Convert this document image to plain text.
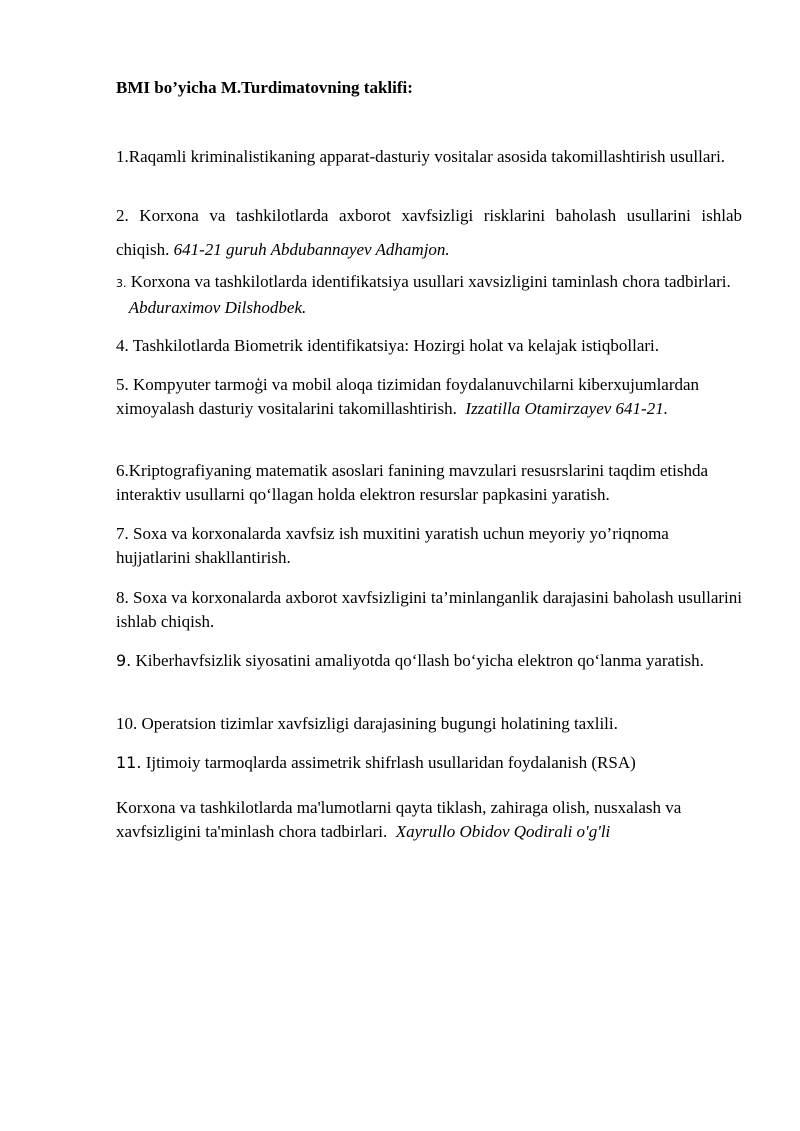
BMI bo’yicha M.Turdimatovning taklifi:
1.Raqamli kriminalistikaning apparat-dasturiy vositalar asosida takomillashtirish usullari.
2. Korxona va tashkilotlarda axborot xavfsizligi risklarini baholash usullarini ishlab chiqish. 641-21 guruh Abdubannayev Adhamjon.
3. Korxona va tashkilotlarda identifikatsiya usullari xavsizligini taminlash chora tadbirlari.    Abduraximov Dilshodbek.
4. Tashkilotlarda Biometrik identifikatsiya: Hozirgi holat va kelajak istiqbollari.
5. Kompyuter tarmoģi va mobil aloqa tizimidan foydalanuvchilarni kiberxujumlardan ximoyalash dasturiy vositalarini takomillashtirish. Izzatilla Otamirzayev 641-21.
6.Kriptografiyaning matematik asoslari fanining mavzulari resusrslarini taqdim etishda interaktiv usullarni qo‘llagan holda elektron resurslar papkasini yaratish.
7. Soxa va korxonalarda xavfsiz ish muxitini yaratish uchun meyoriy yo’riqnoma hujjatlarini shakllantirish.
8. Soxa va korxonalarda axborot xavfsizligini ta’minlanganlik darajasini baholash usullarini ishlab chiqish.
9. Kiberhavfsizlik siyosatini amaliyotda qo‘llash bo‘yicha elektron qo‘lanma yaratish.
10. Operatsion tizimlar xavfsizligi darajasining bugungi holatining taxlili.
11. Ijtimoiy tarmoqlarda assimetrik shifrlash usullaridan foydalanish (RSA)
Korxona va tashkilotlarda ma'lumotlarni qayta tiklash, zahiraga olish, nusxalash va xavfsizligini ta'minlash chora tadbirlari. Xayrullo Obidov Qodirali o'g'li
